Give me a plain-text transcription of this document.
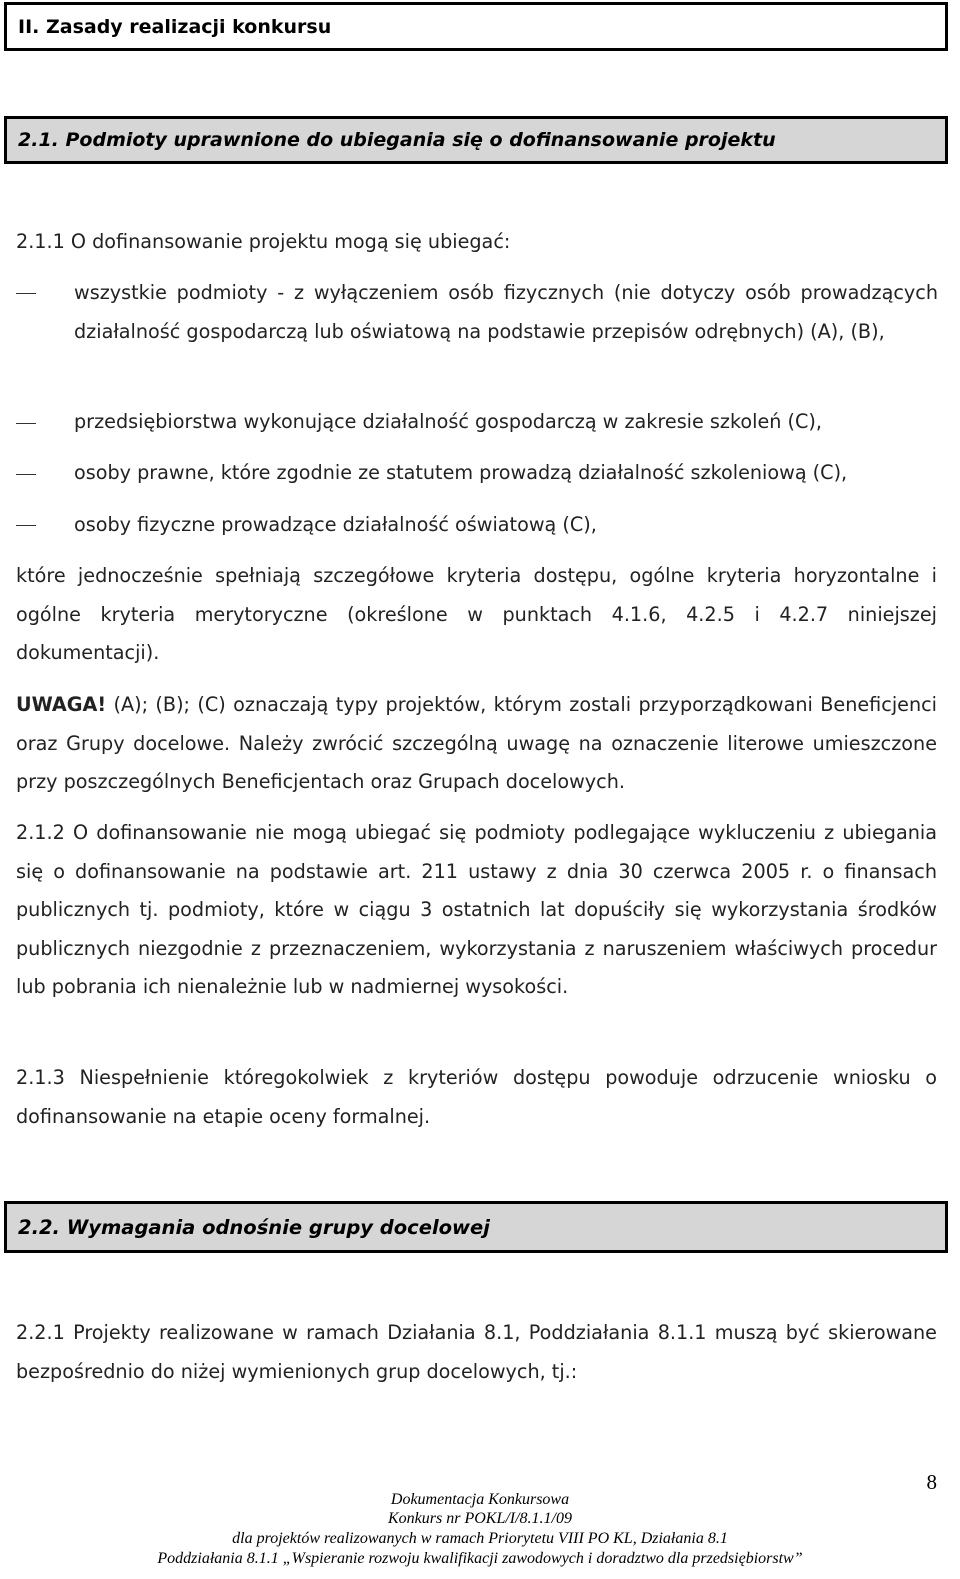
II. Zasady realizacji konkursu
2.1. Podmioty uprawnione do ubiegania się o dofinansowanie projektu
2.1.1 O dofinansowanie projektu mogą się ubiegać:
wszystkie podmioty - z wyłączeniem osób fizycznych (nie dotyczy osób prowadzących działalność gospodarczą lub oświatową na podstawie przepisów odrębnych) (A), (B),
przedsiębiorstwa wykonujące działalność gospodarczą w zakresie szkoleń (C),
osoby prawne, które zgodnie ze statutem prowadzą działalność szkoleniową (C),
osoby fizyczne prowadzące działalność oświatową (C),
które jednocześnie spełniają szczegółowe kryteria dostępu, ogólne kryteria horyzontalne i ogólne kryteria merytoryczne (określone w punktach 4.1.6, 4.2.5 i 4.2.7 niniejszej dokumentacji).
UWAGA! (A); (B); (C) oznaczają typy projektów, którym zostali przyporządkowani Beneficjenci oraz Grupy docelowe. Należy zwrócić szczególną uwagę na oznaczenie literowe umieszczone przy poszczególnych Beneficjentach oraz Grupach docelowych.
2.1.2 O dofinansowanie nie mogą ubiegać się podmioty podlegające wykluczeniu z ubiegania się o dofinansowanie na podstawie art. 211 ustawy z dnia 30 czerwca 2005 r. o finansach publicznych tj. podmioty, które w ciągu 3 ostatnich lat dopuściły się wykorzystania środków publicznych niezgodnie z przeznaczeniem, wykorzystania z naruszeniem właściwych procedur lub pobrania ich nienależnie lub w nadmiernej wysokości.
2.1.3 Niespełnienie któregokolwiek z kryteriów dostępu powoduje odrzucenie wniosku o dofinansowanie na etapie oceny formalnej.
2.2. Wymagania odnośnie grupy docelowej
2.2.1 Projekty realizowane w ramach Działania 8.1, Poddziałania 8.1.1 muszą być skierowane bezpośrednio do niżej wymienionych grup docelowych, tj.:
8
Dokumentacja Konkursowa
Konkurs nr POKL/I/8.1.1/09
dla projektów realizowanych w ramach Priorytetu VIII PO KL, Działania 8.1
Poddziałania 8.1.1 „Wspieranie rozwoju kwalifikacji zawodowych i doradztwo dla przedsiębiorstw”
